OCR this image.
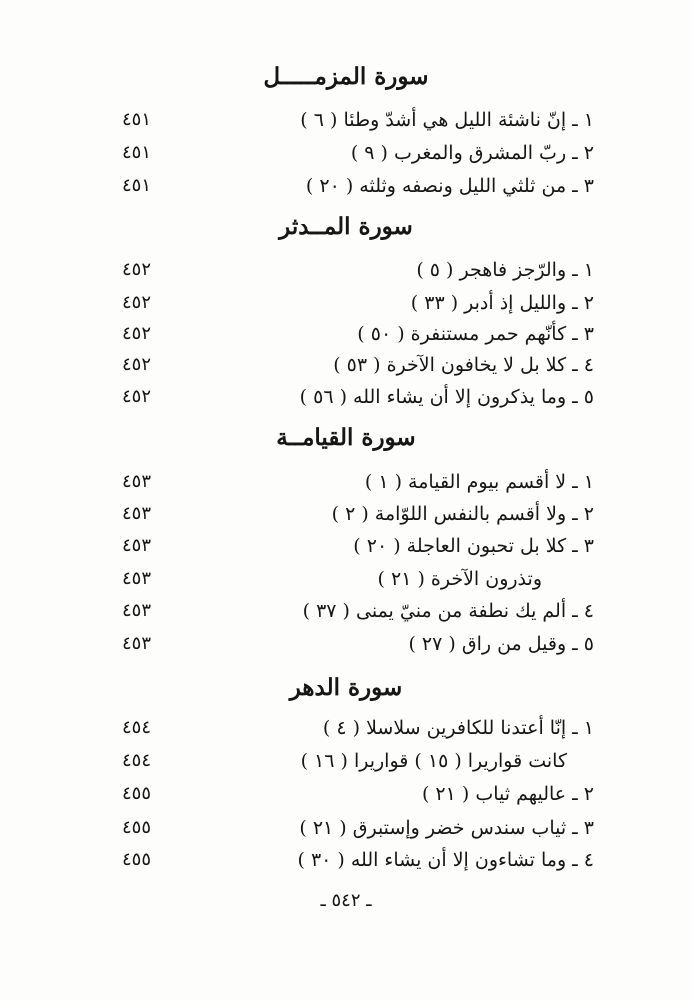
سورة المزمـــــل
١ ـ إنّ ناشئة الليل هي أشدّ وطئا ( ٦ )
٤٥١
٢ ـ ربّ المشرق والمغرب ( ٩ )
٤٥١
٣ ـ من ثلثي الليل ونصفه وثلثه ( ٢٠ )
٤٥١
سورة المــدثر
١ ـ والرّجز فاهجر ( ٥ )
٤٥٢
٢ ـ والليل إذ أدبر ( ٣٣ )
٤٥٢
٣ ـ كأنّهم حمر مستنفرة ( ٥٠ )
٤٥٢
٤ ـ كلا بل لا يخافون الآخرة ( ٥٣ )
٤٥٢
٥ ـ وما يذكرون إلا أن يشاء الله ( ٥٦ )
٤٥٢
سورة القيامــة
١ ـ لا أقسم بيوم القيامة ( ١ )
٤٥٣
٢ ـ ولا أقسم بالنفس اللوّامة ( ٢ )
٤٥٣
٣ ـ كلا بل تحبون العاجلة ( ٢٠ )
٤٥٣
وتذرون الآخرة ( ٢١ )
٤٥٣
٤ ـ ألم يك نطفة من منيّ يمنى ( ٣٧ )
٤٥٣
٥ ـ وقيل من راق ( ٢٧ )
٤٥٣
سورة الدهر
١ ـ إنّا أعتدنا للكافرين سلاسلا ( ٤ )
٤٥٤
كانت قواريرا ( ١٥ ) قواريرا ( ١٦ )
٤٥٤
٢ ـ عاليهم ثياب ( ٢١ )
٤٥٥
٣ ـ ثياب سندس خضر وإستبرق ( ٢١ )
٤٥٥
٤ ـ وما تشاءون إلا أن يشاء الله ( ٣٠ )
٤٥٥
ـ ٥٤٢ ـ
